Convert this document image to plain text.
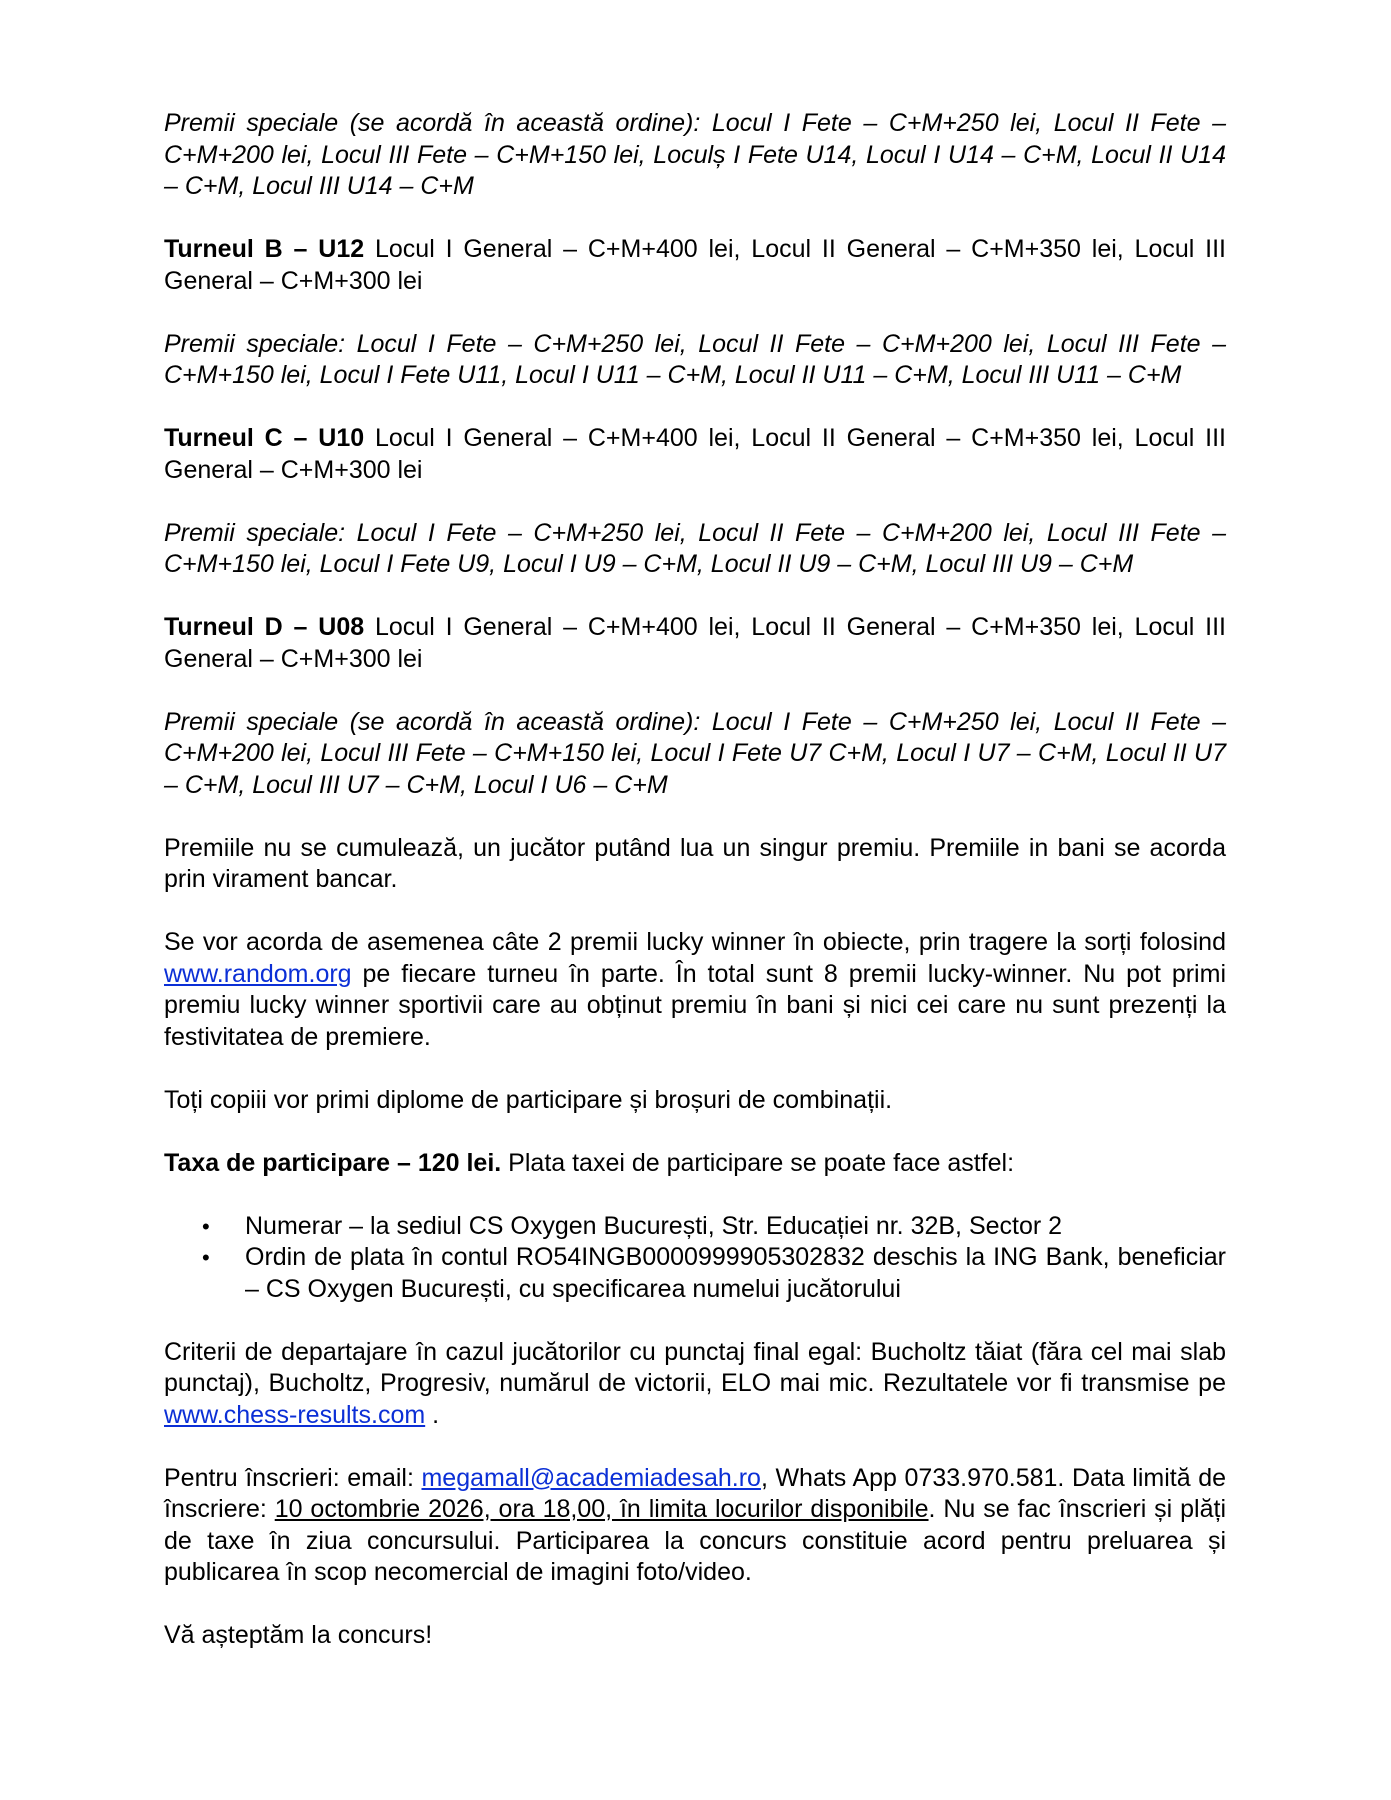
Premii speciale (se acordă în această ordine): Locul I Fete – C+M+250 lei, Locul II Fete – C+M+200 lei, Locul III Fete – C+M+150 lei, Loculș I Fete U14, Locul I U14 – C+M, Locul II U14 – C+M, Locul III U14 – C+M

Turneul B – U12 Locul I General – C+M+400 lei, Locul II General – C+M+350 lei, Locul III General – C+M+300 lei

Premii speciale: Locul I Fete – C+M+250 lei, Locul II Fete – C+M+200 lei, Locul III Fete – C+M+150 lei, Locul I Fete U11, Locul I U11 – C+M, Locul II U11 – C+M, Locul III U11 – C+M

Turneul C – U10 Locul I General – C+M+400 lei, Locul II General – C+M+350 lei, Locul III General – C+M+300 lei

Premii speciale: Locul I Fete – C+M+250 lei, Locul II Fete – C+M+200 lei, Locul III Fete – C+M+150 lei, Locul I Fete U9, Locul I U9 – C+M, Locul II U9 – C+M, Locul III U9 – C+M

Turneul D – U08 Locul I General – C+M+400 lei, Locul II General – C+M+350 lei, Locul III General – C+M+300 lei

Premii speciale (se acordă în această ordine): Locul I Fete – C+M+250 lei, Locul II Fete – C+M+200 lei, Locul III Fete – C+M+150 lei, Locul I Fete U7 C+M, Locul I U7 – C+M, Locul II U7 – C+M, Locul III U7 – C+M, Locul I U6 – C+M

Premiile nu se cumulează, un jucător putând lua un singur premiu. Premiile in bani se acorda prin virament bancar.

Se vor acorda de asemenea câte 2 premii lucky winner în obiecte, prin tragere la sorți folosind www.random.org pe fiecare turneu în parte. În total sunt 8 premii lucky-winner. Nu pot primi premiu lucky winner sportivii care au obținut premiu în bani și nici cei care nu sunt prezenți la festivitatea de premiere.

Toți copiii vor primi diplome de participare și broșuri de combinații.

Taxa de participare – 120 lei. Plata taxei de participare se poate face astfel:

• Numerar – la sediul CS Oxygen București, Str. Educației nr. 32B, Sector 2
• Ordin de plata în contul RO54INGB0000999905302832 deschis la ING Bank, beneficiar – CS Oxygen București, cu specificarea numelui jucătorului

Criterii de departajare în cazul jucătorilor cu punctaj final egal: Bucholtz tăiat (făra cel mai slab punctaj), Bucholtz, Progresiv, numărul de victorii, ELO mai mic. Rezultatele vor fi transmise pe www.chess-results.com .

Pentru înscrieri: email: megamall@academiadesah.ro, Whats App 0733.970.581. Data limită de înscriere: 10 octombrie 2026, ora 18,00, în limita locurilor disponibile. Nu se fac înscrieri și plăți de taxe în ziua concursului. Participarea la concurs constituie acord pentru preluarea și publicarea în scop necomercial de imagini foto/video.

Vă așteptăm la concurs!
